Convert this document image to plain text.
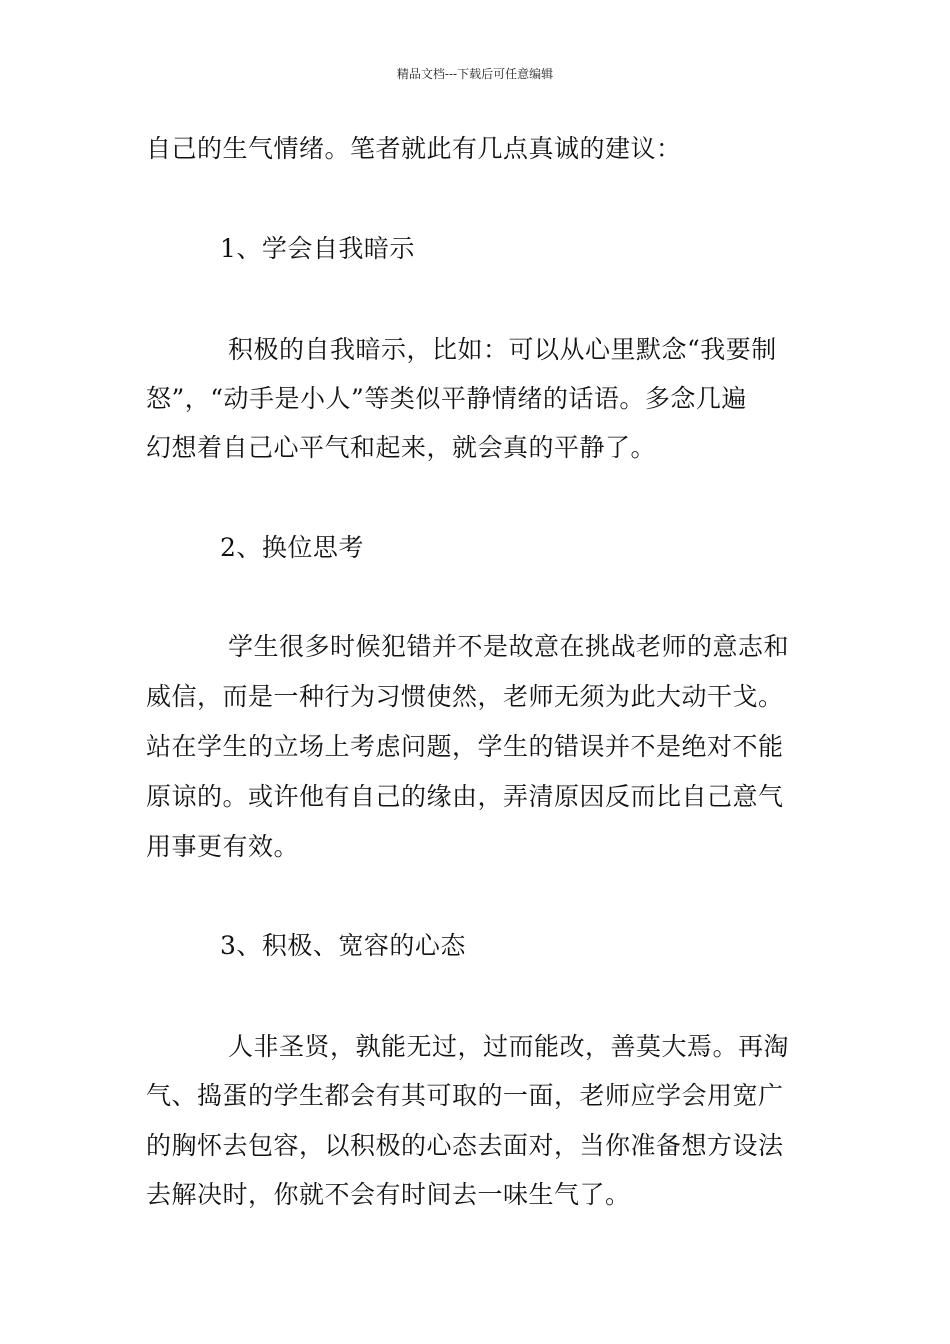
精品文档---下载后可任意编辑
自己的生气情绪。笔者就此有几点真诚的建议：
1、学会自我暗示
积极的自我暗示，比如：可以从心里默念“我要制
怒”，“动手是小人”等类似平静情绪的话语。多念几遍
幻想着自己心平气和起来，就会真的平静了。
2、换位思考
学生很多时候犯错并不是故意在挑战老师的意志和
威信，而是一种行为习惯使然，老师无须为此大动干戈。
站在学生的立场上考虑问题，学生的错误并不是绝对不能
原谅的。或许他有自己的缘由，弄清原因反而比自己意气
用事更有效。
3、积极、宽容的心态
人非圣贤，孰能无过，过而能改，善莫大焉。再淘
气、捣蛋的学生都会有其可取的一面，老师应学会用宽广
的胸怀去包容，以积极的心态去面对，当你准备想方设法
去解决时，你就不会有时间去一味生气了。
